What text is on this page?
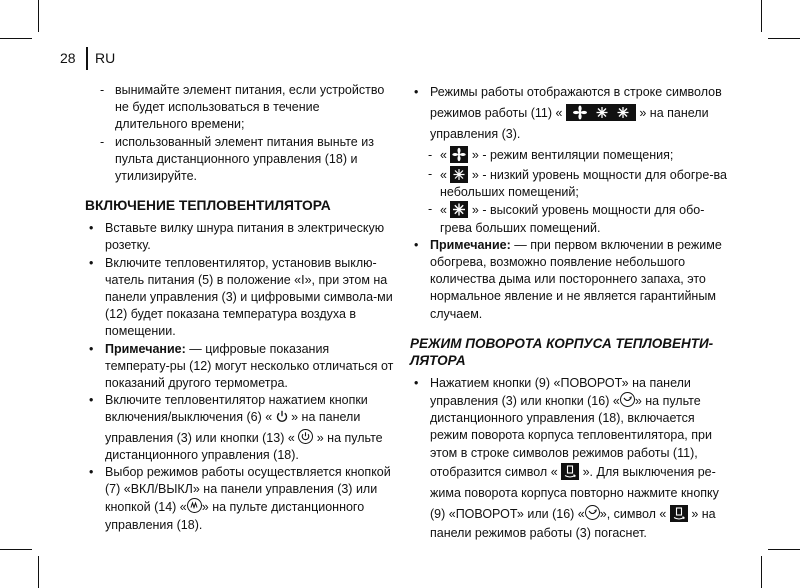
28 RU
- вынимайте элемент питания, если устройство не будет использоваться в течение длительного времени;
- использованный элемент питания выньте из пульта дистанционного управления (18) и утилизируйте.
ВКЛЮЧЕНИЕ ТЕПЛОВЕНТИЛЯТОРА
• Вставьте вилку шнура питания в электрическую розетку.
• Включите тепловентилятор, установив выклю-чатель питания (5) в положение «I», при этом на панели управления (3) и цифровыми символа-ми (12) будет показана температура воздуха в помещении.
• Примечание: — цифровые показания температу-ры (12) могут несколько отличаться от показаний другого термометра.
• Включите тепловентилятор нажатием кнопки включения/выключения (6) «  » на панели управления (3) или кнопки (13) «
» на пульте дистанционного управления (18).
• Выбор режимов работы осуществляется кнопкой (7) «ВКЛ/ВЫКЛ» на панели управления (3) или кнопкой (14) « » на пульте дистанционного управления (18).
• Режимы работы отображаются в строке символов режимов работы (11) «	» на панели управления (3).
- «
» - режим вентиляции помещения;
- «
» - низкий уровень мощности для обогре-ва небольших помещений;
- «
» - высокий уровень мощности для обо-грева больших помещений.
• Примечание: — при первом включении в режиме обогрева, возможно появление небольшого количества дыма или постороннего запаха, это нормальное явление и не является гарантийным случаем.
РЕЖИМ ПОВОРОТА КОРПУСА ТЕПЛОВЕНТИ-ЛЯТОРА
• Нажатием кнопки (9) «ПОВОРОТ» на панели управления (3) или кнопки (16) « » на пульте дистанционного управления (18), включается режим поворота корпуса тепловентилятора, при этом в строке символов режимов работы (11),
отобразится символ «
». Для выключения ре-жима поворота корпуса повторно нажмите кнопку
(9) «ПОВОРОТ» или (16) « », символ «
» на
панели режимов работы (3) погаснет.
